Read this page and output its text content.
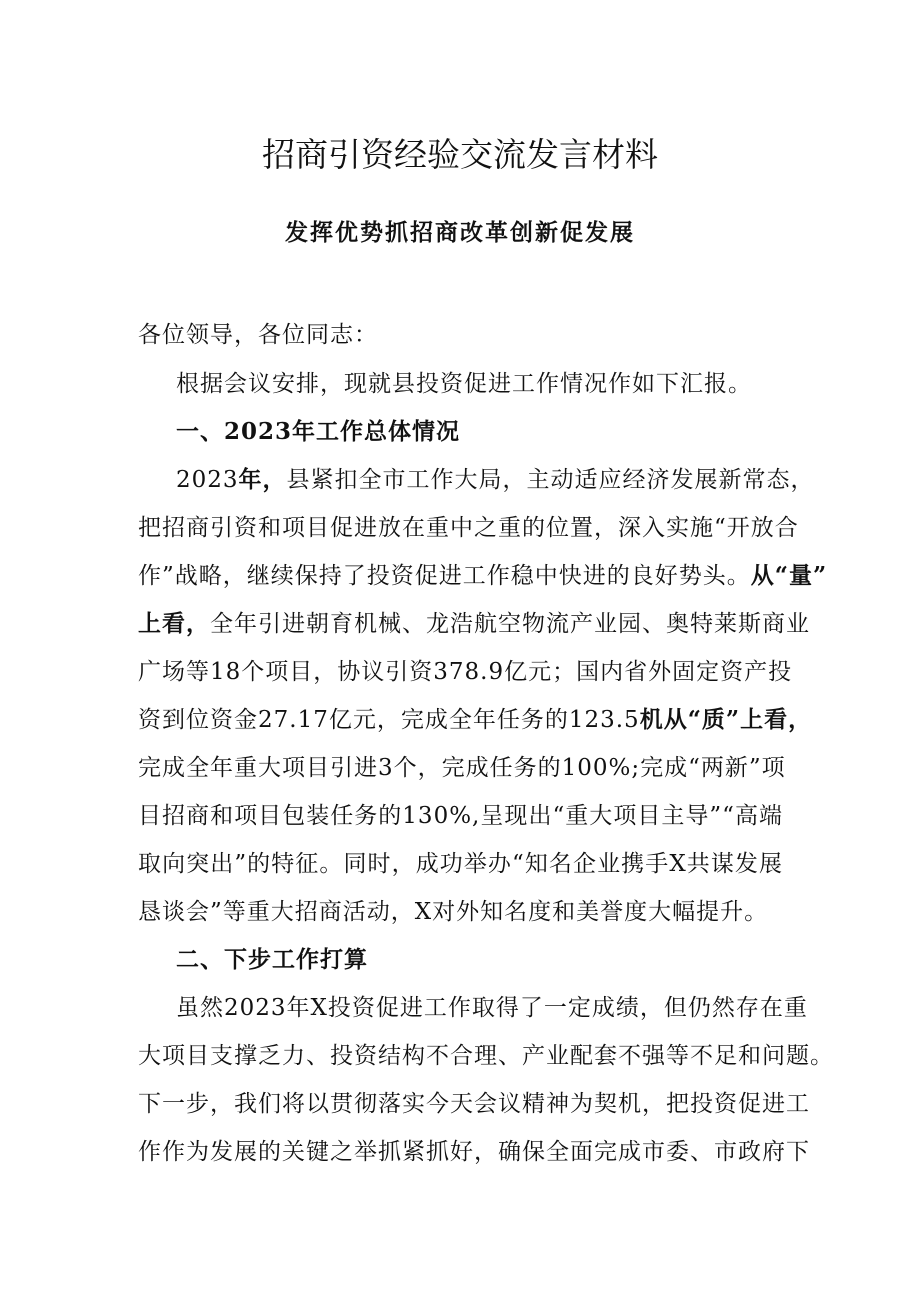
招商引资经验交流发言材料
发挥优势抓招商改革创新促发展
各位领导，各位同志：
根据会议安排，现就县投资促进工作情况作如下汇报。
一、2023年工作总体情况
2023年，县紧扣全市工作大局，主动适应经济发展新常态，
把招商引资和项目促进放在重中之重的位置，深入实施“开放合
作”战略，继续保持了投资促进工作稳中快进的良好势头。从“量”
上看，全年引进朝育机械、龙浩航空物流产业园、奥特莱斯商业
广场等18个项目，协议引资378.9亿元；国内省外固定资产投
资到位资金27.17亿元，完成全年任务的123.5机从“质”上看，
完成全年重大项目引进3个，完成任务的100%;完成“两新”项
目招商和项目包装任务的130%,呈现出“重大项目主导”“高端
取向突出”的特征。同时，成功举办“知名企业携手X共谋发展
恳谈会”等重大招商活动，X对外知名度和美誉度大幅提升。
二、下步工作打算
虽然2023年X投资促进工作取得了一定成绩，但仍然存在重
大项目支撑乏力、投资结构不合理、产业配套不强等不足和问题。
下一步，我们将以贯彻落实今天会议精神为契机，把投资促进工
作作为发展的关键之举抓紧抓好，确保全面完成市委、市政府下
